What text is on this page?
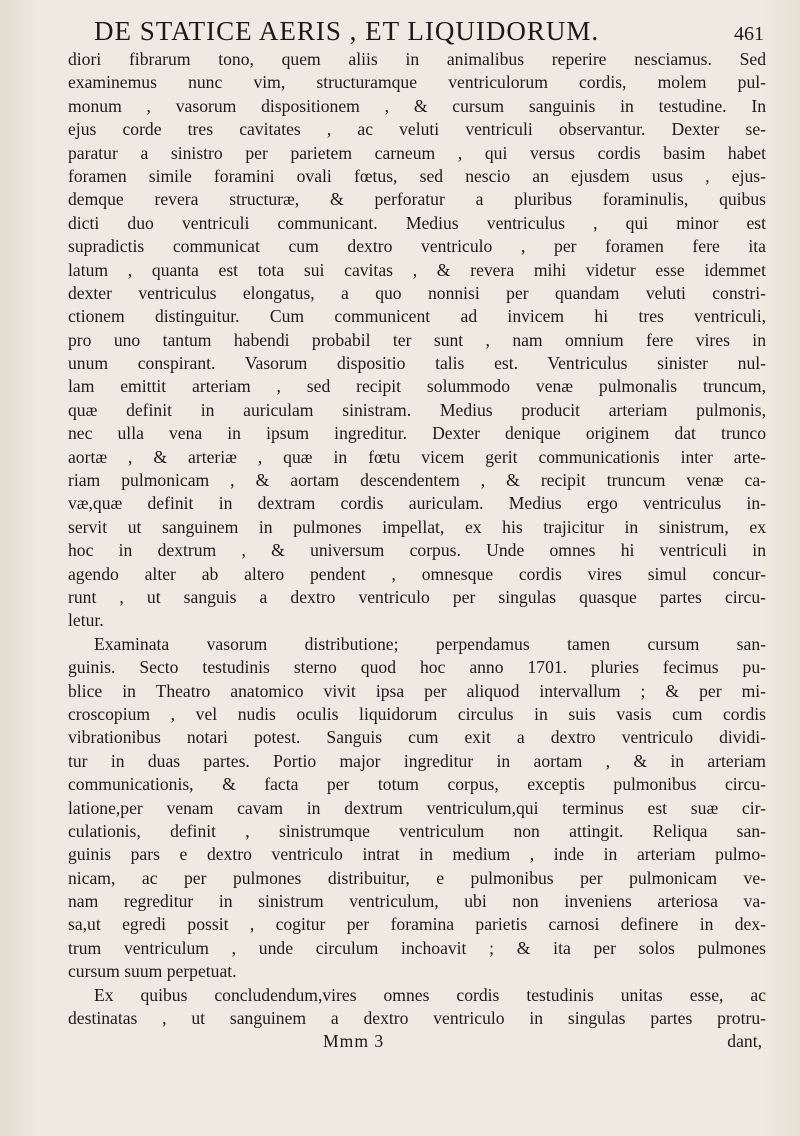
DE STATICE AERIS , ET LIQUIDORUM.	461
diori fibrarum tono, quem aliis in animalibus reperire nesciamus. Sed
examinemus nunc vim, structuramque ventriculorum cordis, molem pul-
monum , vasorum dispositionem , & cursum sanguinis in testudine. In
ejus corde tres cavitates , ac veluti ventriculi observantur. Dexter se-
paratur a sinistro per parietem carneum , qui versus cordis basim habet
foramen simile foramini ovali fœtus, sed nescio an ejusdem usus , ejus-
demque revera structuræ, & perforatur a pluribus foraminulis, quibus
dicti duo ventriculi communicant. Medius ventriculus , qui minor est
supradictis communicat cum dextro ventriculo , per foramen fere ita
latum , quanta est tota sui cavitas , & revera mihi videtur esse idemmet
dexter ventriculus elongatus, a quo nonnisi per quandam veluti constri-
ctionem distinguitur. Cum communicent ad invicem hi tres ventriculi,
pro uno tantum habendi probabil ter sunt , nam omnium fere vires in
unum conspirant. Vasorum dispositio talis est. Ventriculus sinister nul-
lam emittit arteriam , sed recipit solummodo venæ pulmonalis truncum,
quæ definit in auriculam sinistram. Medius producit arteriam pulmonis,
nec ulla vena in ipsum ingreditur. Dexter denique originem dat trunco
aortæ , & arteriæ , quæ in fœtu vicem gerit communicationis inter arte-
riam pulmonicam , & aortam descendentem , & recipit truncum venæ ca-
væ,quæ definit in dextram cordis auriculam. Medius ergo ventriculus in-
servit ut sanguinem in pulmones impellat, ex his trajicitur in sinistrum, ex
hoc in dextrum , & universum corpus. Unde omnes hi ventriculi in
agendo alter ab altero pendent , omnesque cordis vires simul concur-
runt , ut sanguis a dextro ventriculo per singulas quasque partes circu-
letur.
Examinata vasorum distributione; perpendamus tamen cursum san-
guinis. Secto testudinis sterno quod hoc anno 1701. pluries fecimus pu-
blice in Theatro anatomico vivit ipsa per aliquod intervallum ; & per mi-
croscopium , vel nudis oculis liquidorum circulus in suis vasis cum cordis
vibrationibus notari potest. Sanguis cum exit a dextro ventriculo dividi-
tur in duas partes. Portio major ingreditur in aortam , & in arteriam
communicationis, & facta per totum corpus, exceptis pulmonibus circu-
latione,per venam cavam in dextrum ventriculum,qui terminus est suæ cir-
culationis, definit , sinistrumque ventriculum non attingit. Reliqua san-
guinis pars e dextro ventriculo intrat in medium , inde in arteriam pulmo-
nicam, ac per pulmones distribuitur, e pulmonibus per pulmonicam ve-
nam regreditur in sinistrum ventriculum, ubi non inveniens arteriosa va-
sa,ut egredi possit , cogitur per foramina parietis carnosi definere in dex-
trum ventriculum , unde circulum inchoavit ; & ita per solos pulmones
cursum suum perpetuat.
Ex quibus concludendum,vires omnes cordis testudinis unitas esse, ac
destinatas , ut sanguinem a dextro ventriculo in singulas partes protru-
Mmm 3	dant,
